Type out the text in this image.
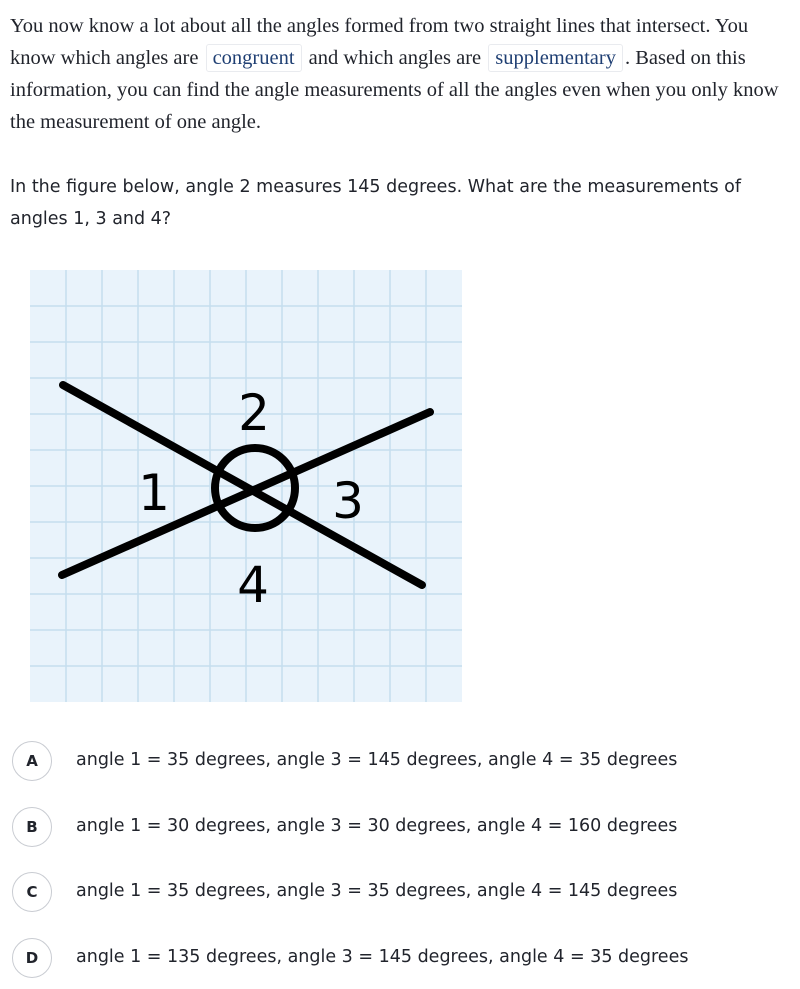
You now know a lot about all the angles formed from two straight lines that intersect. You know which angles are congruent and which angles are supplementary . Based on this information, you can find the angle measurements of all the angles even when you only know the measurement of one angle.

In the figure below, angle 2 measures 145 degrees. What are the measurements of angles 1, 3 and 4?

2
1	3
4
A	angle 1 = 35 degrees, angle 3 = 145 degrees, angle 4 = 35 degrees
B	angle 1 = 30 degrees, angle 3 = 30 degrees, angle 4 = 160 degrees
C	angle 1 = 35 degrees, angle 3 = 35 degrees, angle 4 = 145 degrees
D	angle 1 = 135 degrees, angle 3 = 145 degrees, angle 4 = 35 degrees
